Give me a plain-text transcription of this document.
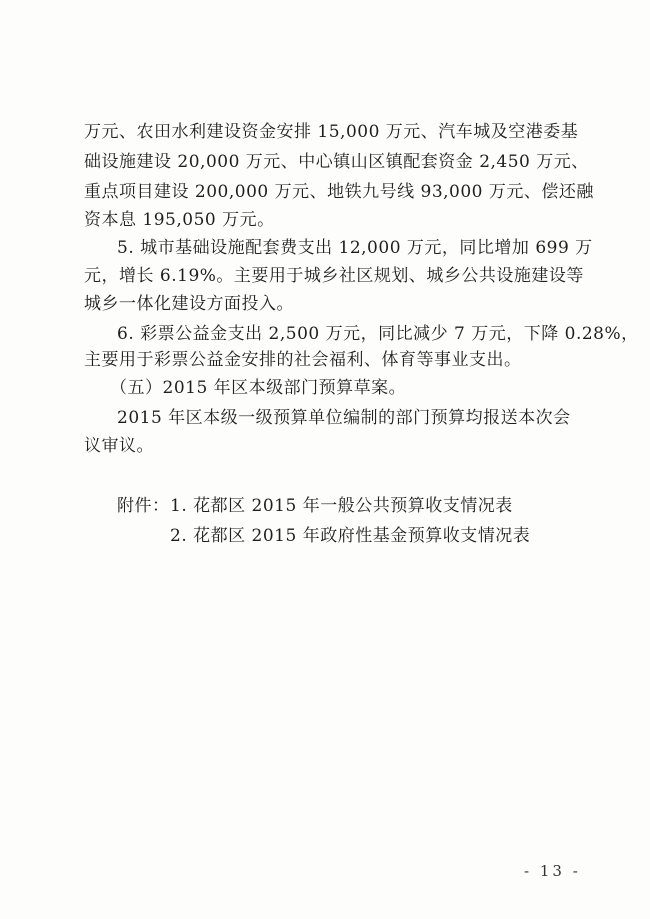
万元、农田水利建设资金安排 15,000 万元、汽车城及空港委基
础设施建设 20,000 万元、中心镇山区镇配套资金 2,450 万元、
重点项目建设 200,000 万元、地铁九号线 93,000 万元、偿还融
资本息 195,050 万元。
5. 城市基础设施配套费支出 12,000 万元，同比增加 699 万
元，增长 6.19%。主要用于城乡社区规划、城乡公共设施建设等
城乡一体化建设方面投入。
6. 彩票公益金支出 2,500 万元，同比减少 7 万元，下降 0.28%，
主要用于彩票公益金安排的社会福利、体育等事业支出。
（五）2015 年区本级部门预算草案。
2015 年区本级一级预算单位编制的部门预算均报送本次会
议审议。
附件： 1. 花都区 2015 年一般公共预算收支情况表
2. 花都区 2015 年政府性基金预算收支情况表
- 13 -
